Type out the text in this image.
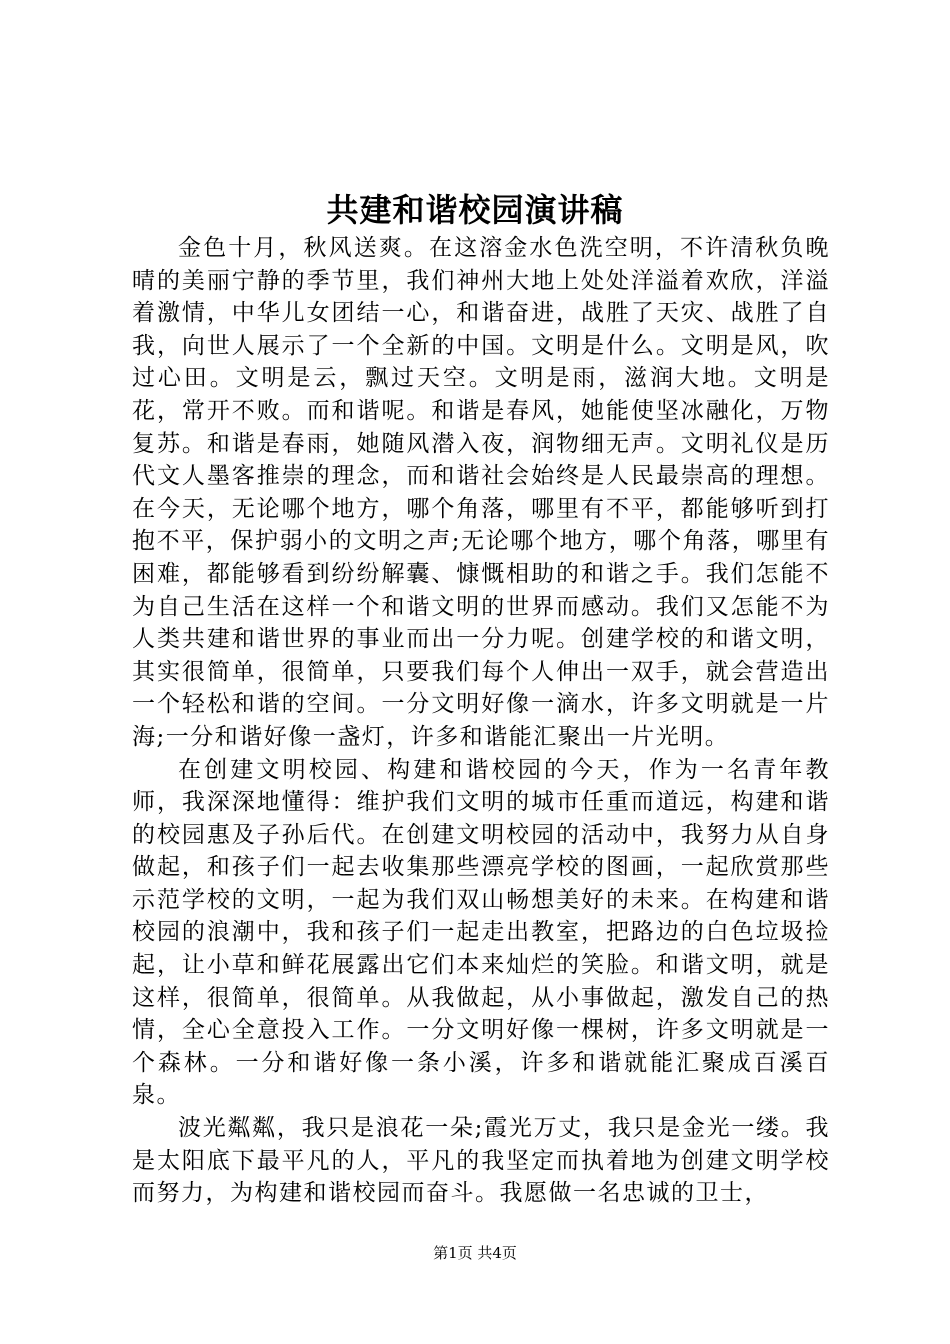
共建和谐校园演讲稿

金色十月，秋风送爽。在这溶金水色洗空明，不许清秋负晚晴的美丽宁静的季节里，我们神州大地上处处洋溢着欢欣，洋溢着激情，中华儿女团结一心，和谐奋进，战胜了天灾、战胜了自我，向世人展示了一个全新的中国。文明是什么。文明是风，吹过心田。文明是云，飘过天空。文明是雨，滋润大地。文明是花，常开不败。而和谐呢。和谐是春风，她能使坚冰融化，万物复苏。和谐是春雨，她随风潜入夜，润物细无声。文明礼仪是历代文人墨客推崇的理念，而和谐社会始终是人民最崇高的理想。在今天，无论哪个地方，哪个角落，哪里有不平，都能够听到打抱不平，保护弱小的文明之声;无论哪个地方，哪个角落，哪里有困难，都能够看到纷纷解囊、慷慨相助的和谐之手。我们怎能不为自己生活在这样一个和谐文明的世界而感动。我们又怎能不为人类共建和谐世界的事业而出一分力呢。创建学校的和谐文明，其实很简单，很简单，只要我们每个人伸出一双手，就会营造出一个轻松和谐的空间。一分文明好像一滴水，许多文明就是一片海;一分和谐好像一盏灯，许多和谐能汇聚出一片光明。

在创建文明校园、构建和谐校园的今天，作为一名青年教师，我深深地懂得：维护我们文明的城市任重而道远，构建和谐的校园惠及子孙后代。在创建文明校园的活动中，我努力从自身做起，和孩子们一起去收集那些漂亮学校的图画，一起欣赏那些示范学校的文明，一起为我们双山畅想美好的未来。在构建和谐校园的浪潮中，我和孩子们一起走出教室，把路边的白色垃圾捡起，让小草和鲜花展露出它们本来灿烂的笑脸。和谐文明，就是这样，很简单，很简单。从我做起，从小事做起，激发自己的热情，全心全意投入工作。一分文明好像一棵树，许多文明就是一个森林。一分和谐好像一条小溪，许多和谐就能汇聚成百溪百泉。

波光粼粼，我只是浪花一朵;霞光万丈，我只是金光一缕。我是太阳底下最平凡的人，平凡的我坚定而执着地为创建文明学校而努力，为构建和谐校园而奋斗。我愿做一名忠诚的卫士，

第1页 共4页
